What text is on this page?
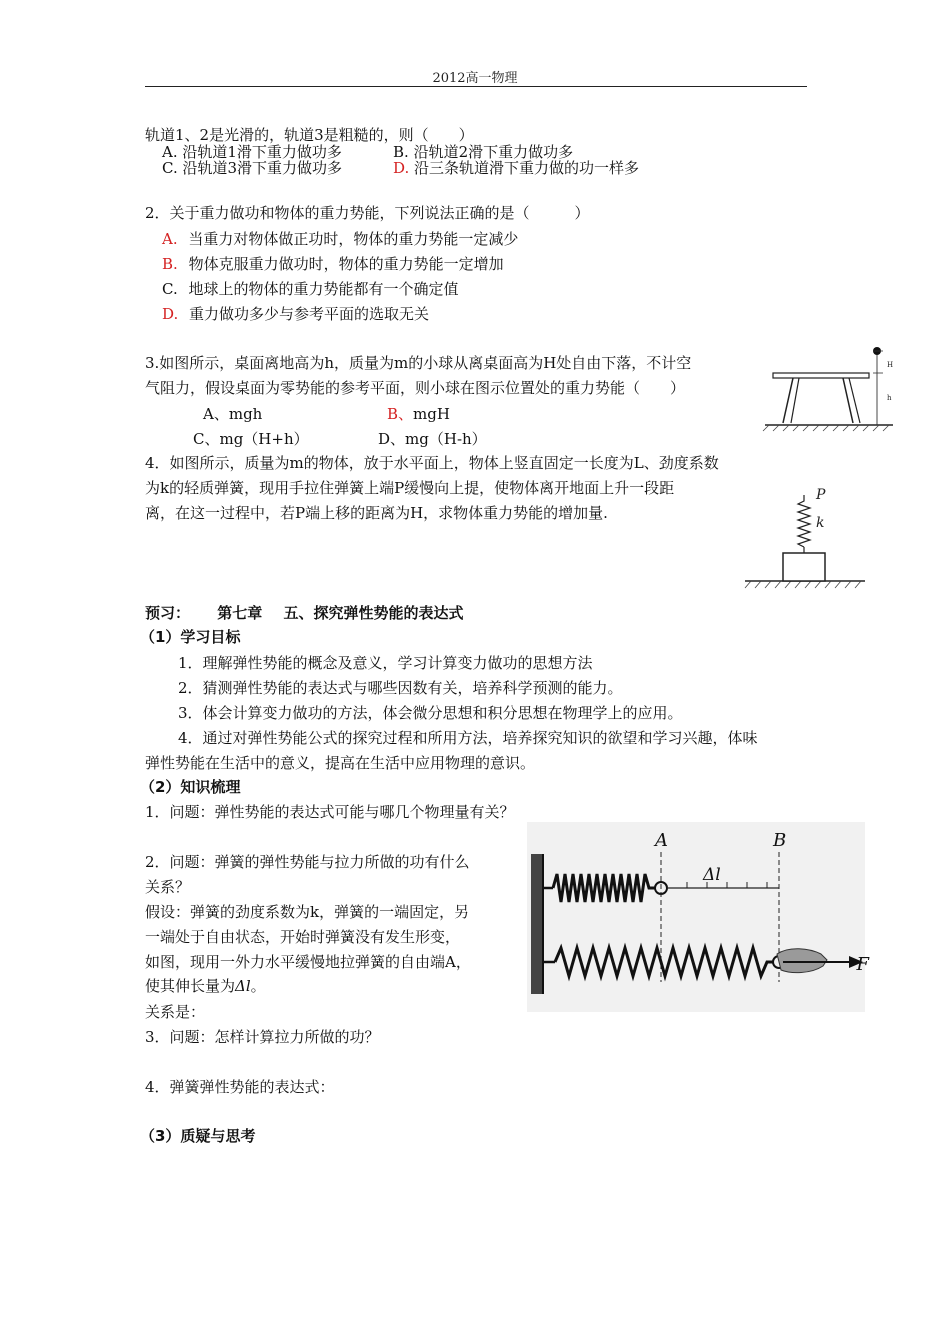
2012高一物理
轨道1、2是光滑的，轨道3是粗糙的，则（　　）
A. 沿轨道1滑下重力做功多	B. 沿轨道2滑下重力做功多
C. 沿轨道3滑下重力做功多	D. 沿三条轨道滑下重力做的功一样多
2．关于重力做功和物体的重力势能，下列说法正确的是（　　　）
A. 当重力对物体做正功时，物体的重力势能一定减少
B. 物体克服重力做功时，物体的重力势能一定增加
C. 地球上的物体的重力势能都有一个确定值
D. 重力做功多少与参考平面的选取无关
3.如图所示，桌面离地高为h，质量为m的小球从离桌面高为H处自由下落，不计空
气阻力，假设桌面为零势能的参考平面，则小球在图示位置处的重力势能（　　）
A、mgh	B、mgH
C、mg（H+h）	D、mg（H-h）
H
h
4．如图所示，质量为m的物体，放于水平面上，物体上竖直固定一长度为L、劲度系数
为k的轻质弹簧，现用手拉住弹簧上端P缓慢向上提，使物体离开地面上升一段距
离，在这一过程中，若P端上移的距离为H，求物体重力势能的增加量.
P
k
预习： 第七章 五、探究弹性势能的表达式
（1）学习目标
1．理解弹性势能的概念及意义，学习计算变力做功的思想方法
2．猜测弹性势能的表达式与哪些因数有关，培养科学预测的能力。
3．体会计算变力做功的方法，体会微分思想和积分思想在物理学上的应用。
4．通过对弹性势能公式的探究过程和所用方法，培养探究知识的欲望和学习兴趣，体味
弹性势能在生活中的意义，提高在生活中应用物理的意识。
（2）知识梳理
1．问题：弹性势能的表达式可能与哪几个物理量有关？
2．问题：弹簧的弹性势能与拉力所做的功有什么
关系？
假设：弹簧的劲度系数为k，弹簧的一端固定，另
一端处于自由状态，开始时弹簧没有发生形变，
如图，现用一外力水平缓慢地拉弹簧的自由端A，
使其伸长量为Δl。
关系是：
3．问题：怎样计算拉力所做的功？
4．弹簧弹性势能的表达式：
A	B
Δl
F
（3）质疑与思考
